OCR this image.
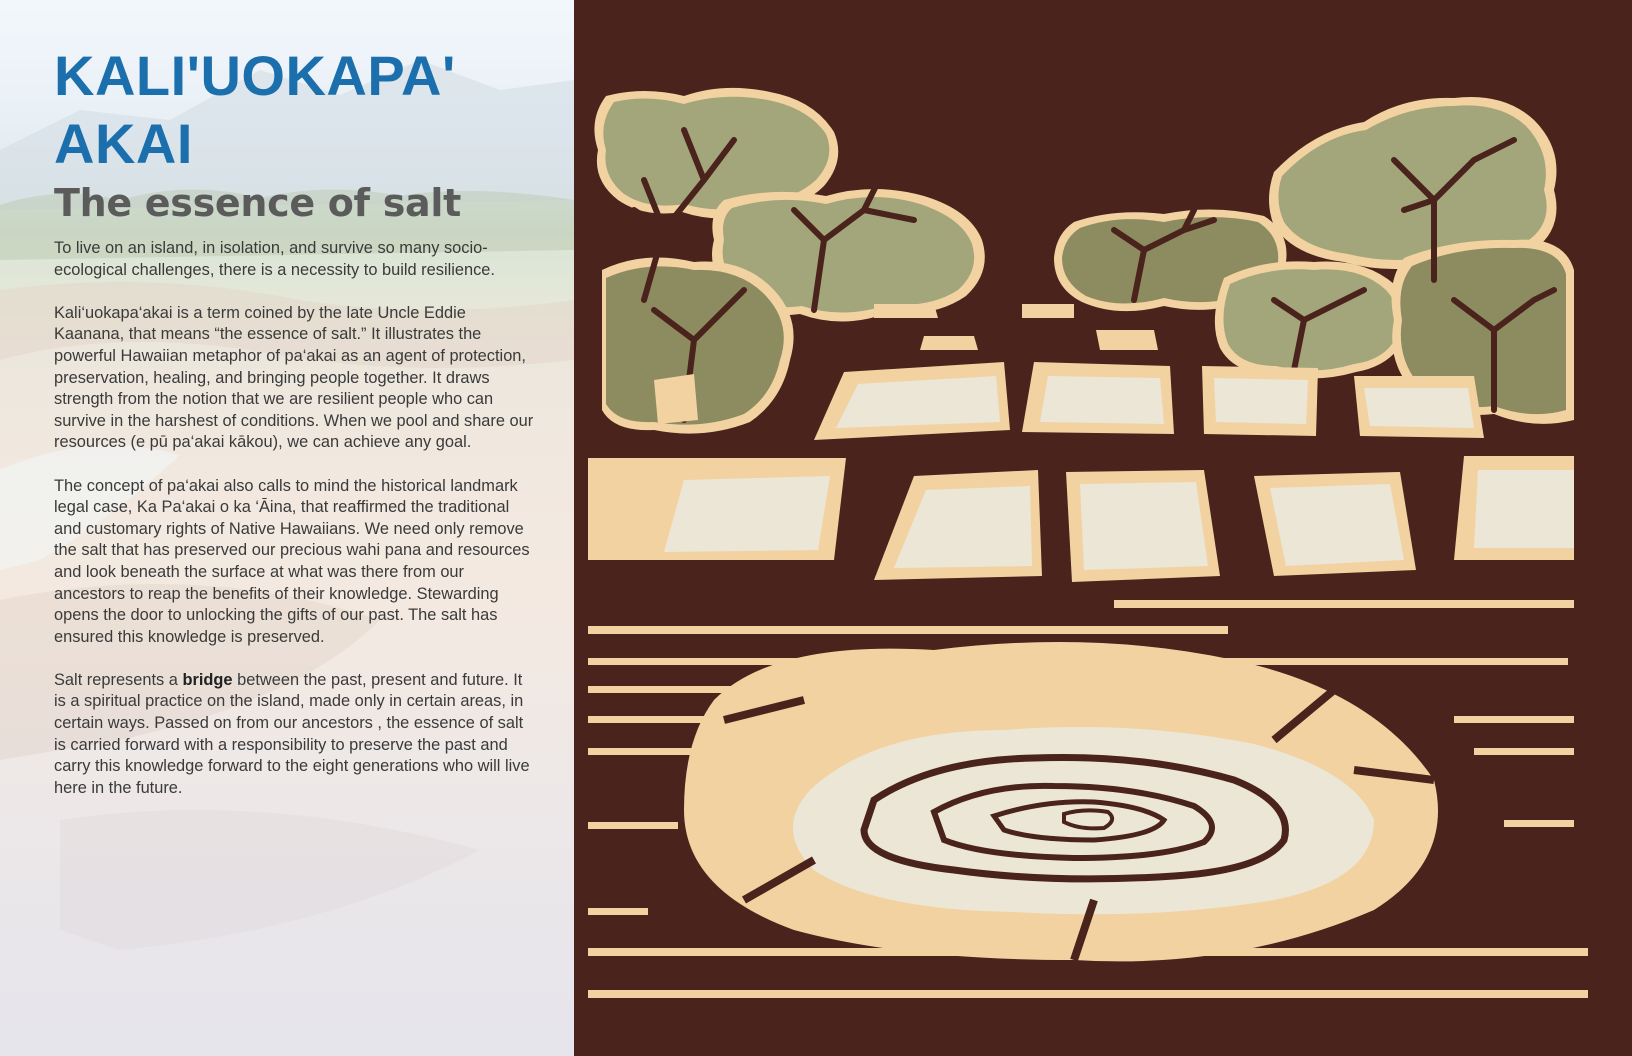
KALI'UOKAPA'
AKAI
The essence of salt

To live on an island, in isolation, and survive so many socio-ecological challenges, there is a necessity to build resilience.

Kali‘uokapa‘akai is a term coined by the late Uncle Eddie Kaanana, that means “the essence of salt.” It illustrates the powerful Hawaiian metaphor of pa‘akai as an agent of protection, preservation, healing, and bringing people together. It draws strength from the notion that we are resilient people who can survive in the harshest of conditions. When we pool and share our resources (e pū pa‘akai kākou), we can achieve any goal.

The concept of pa‘akai also calls to mind the historical landmark legal case, Ka Pa‘akai o ka ‘Āina, that reaffirmed the traditional and customary rights of Native Hawaiians. We need only remove the salt that has preserved our precious wahi pana and resources and look beneath the surface at what was there from our ancestors to reap the benefits of their knowledge. Stewarding opens the door to unlocking the gifts of our past. The salt has ensured this knowledge is preserved.

Salt represents a bridge between the past, present and future. It is a spiritual practice on the island, made only in certain areas, in certain ways. Passed on from our ancestors , the essence of salt is carried forward with a responsibility to preserve the past and carry this knowledge forward to the eight generations who will live here in the future.
